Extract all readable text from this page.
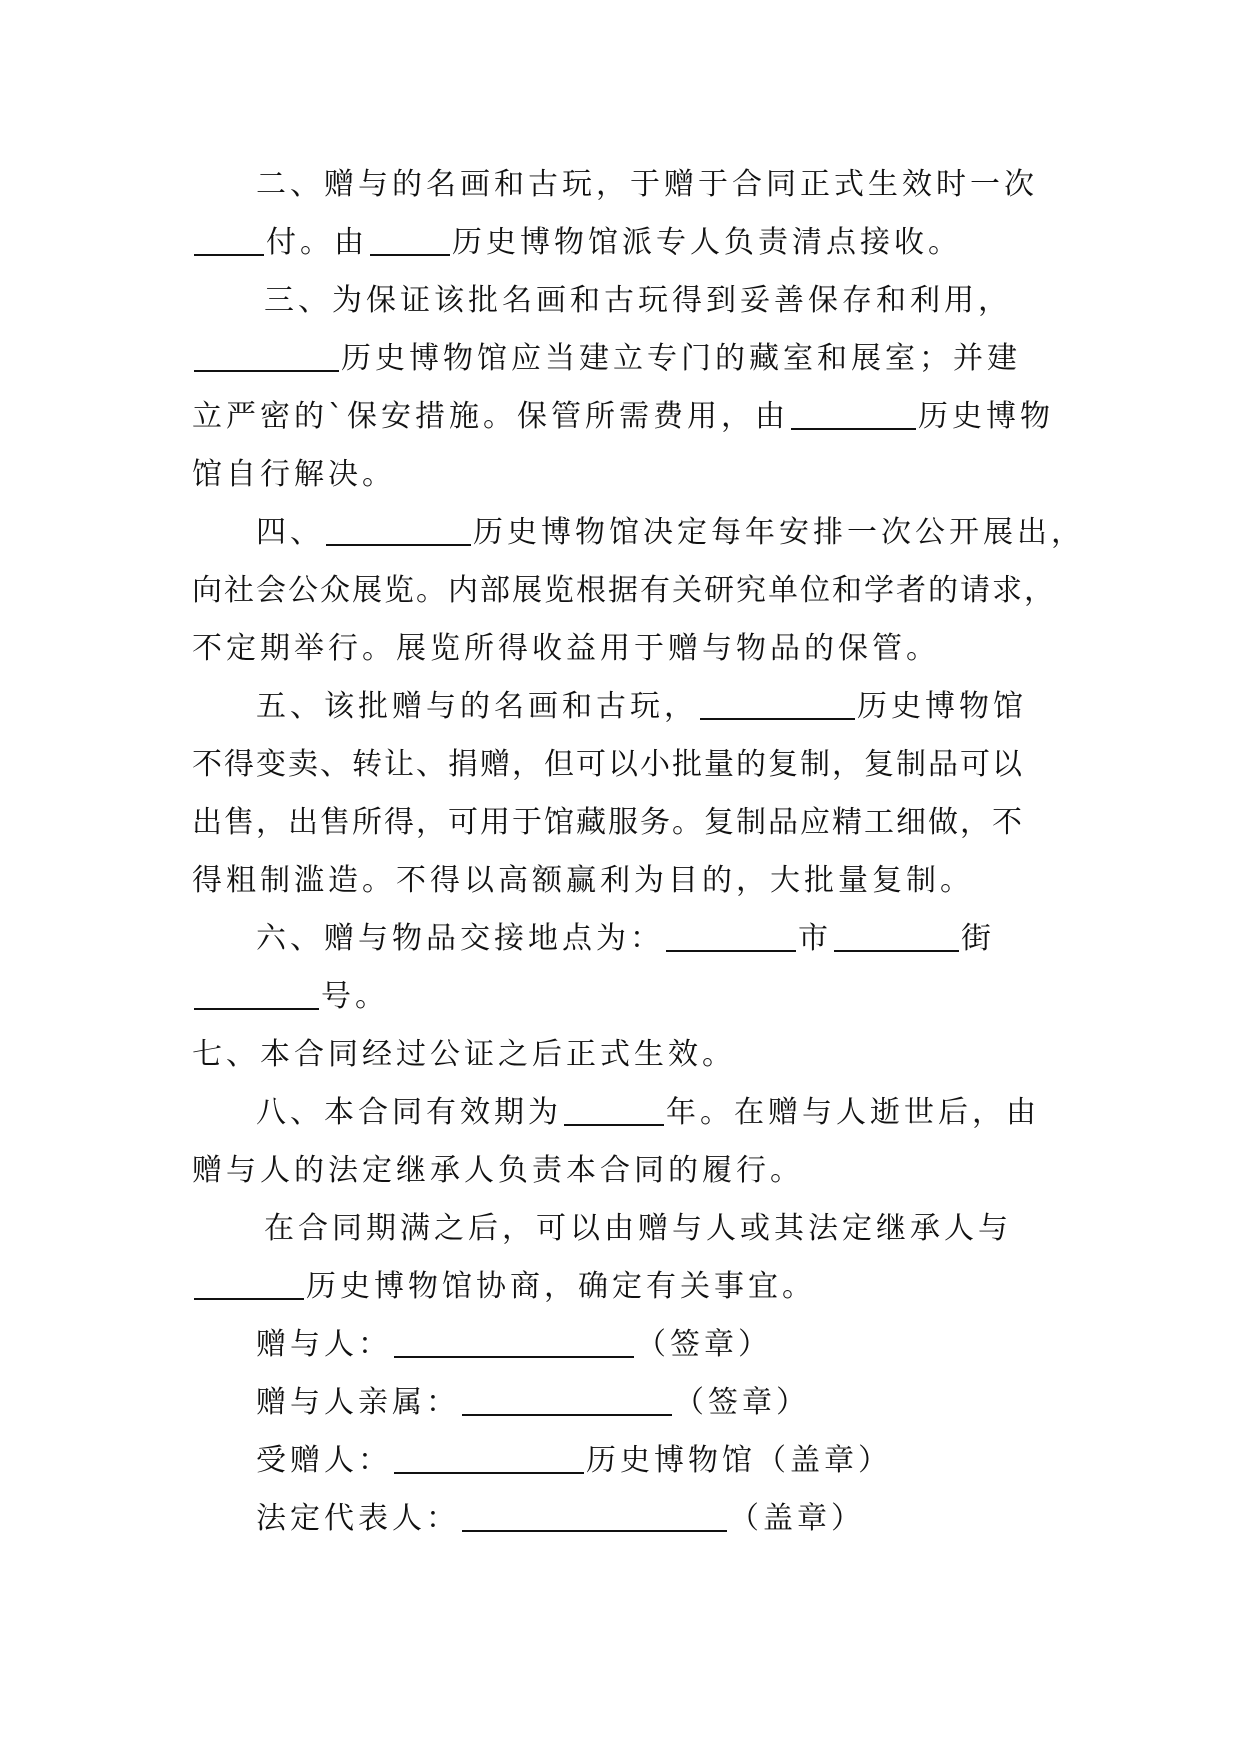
二、赠与的名画和古玩，于赠于合同正式生效时一次
付。由	历史博物馆派专人负责清点接收。
三、为保证该批名画和古玩得到妥善保存和利用，
历史博物馆应当建立专门的藏室和展室；并建
立严密的`保安措施。保管所需费用，由	历史博物
馆自行解决。
四、	历史博物馆决定每年安排一次公开展出，
向社会公众展览。内部展览根据有关研究单位和学者的请求，
不定期举行。展览所得收益用于赠与物品的保管。
五、该批赠与的名画和古玩，	历史博物馆
不得变卖、转让、捐赠，但可以小批量的复制，复制品可以
出售，出售所得，可用于馆藏服务。复制品应精工细做，不
得粗制滥造。不得以高额赢利为目的，大批量复制。
六、赠与物品交接地点为：	市	街
号。
七、本合同经过公证之后正式生效。
八、本合同有效期为	年。在赠与人逝世后，由
赠与人的法定继承人负责本合同的履行。
在合同期满之后，可以由赠与人或其法定继承人与
历史博物馆协商，确定有关事宜。
赠与人：	（签章）
赠与人亲属：	（签章）
受赠人：	历史博物馆（盖章）
法定代表人：	（盖章）
